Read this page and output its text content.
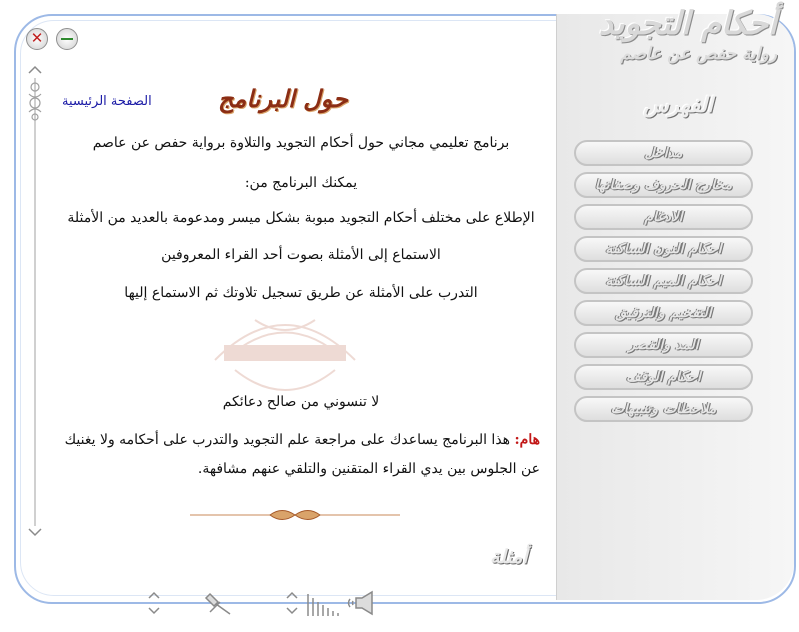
أحكام التجويد
رواية حفص عن عاصم
الفهرس
مداخل
مخارج الحروف وصفاتها
الادغام
احكام النون الساكنة
احكام الميم الساكنة
التفخيم والترقيق
المد والقصر
احكام الوقف
ملاحظات وتنبيهات
✕
الصفحة الرئيسية	حول البرنامج
برنامج تعليمي مجاني حول أحكام التجويد والتلاوة برواية حفص عن عاصم
يمكنك البرنامج من:
الإطلاع على مختلف أحكام التجويد مبوبة بشكل ميسر ومدعومة بالعديد من الأمثلة
الاستماع إلى الأمثلة بصوت أحد القراء المعروفين
التدرب على الأمثلة عن طريق تسجيل تلاوتك ثم الاستماع إليها
لا تنسوني من صالح دعائكم
هام: هذا البرنامج يساعدك على مراجعة علم التجويد والتدرب على أحكامه ولا يغنيك عن الجلوس بين يدي القراء المتقنين والتلقي عنهم مشافهة.
أمثلة
